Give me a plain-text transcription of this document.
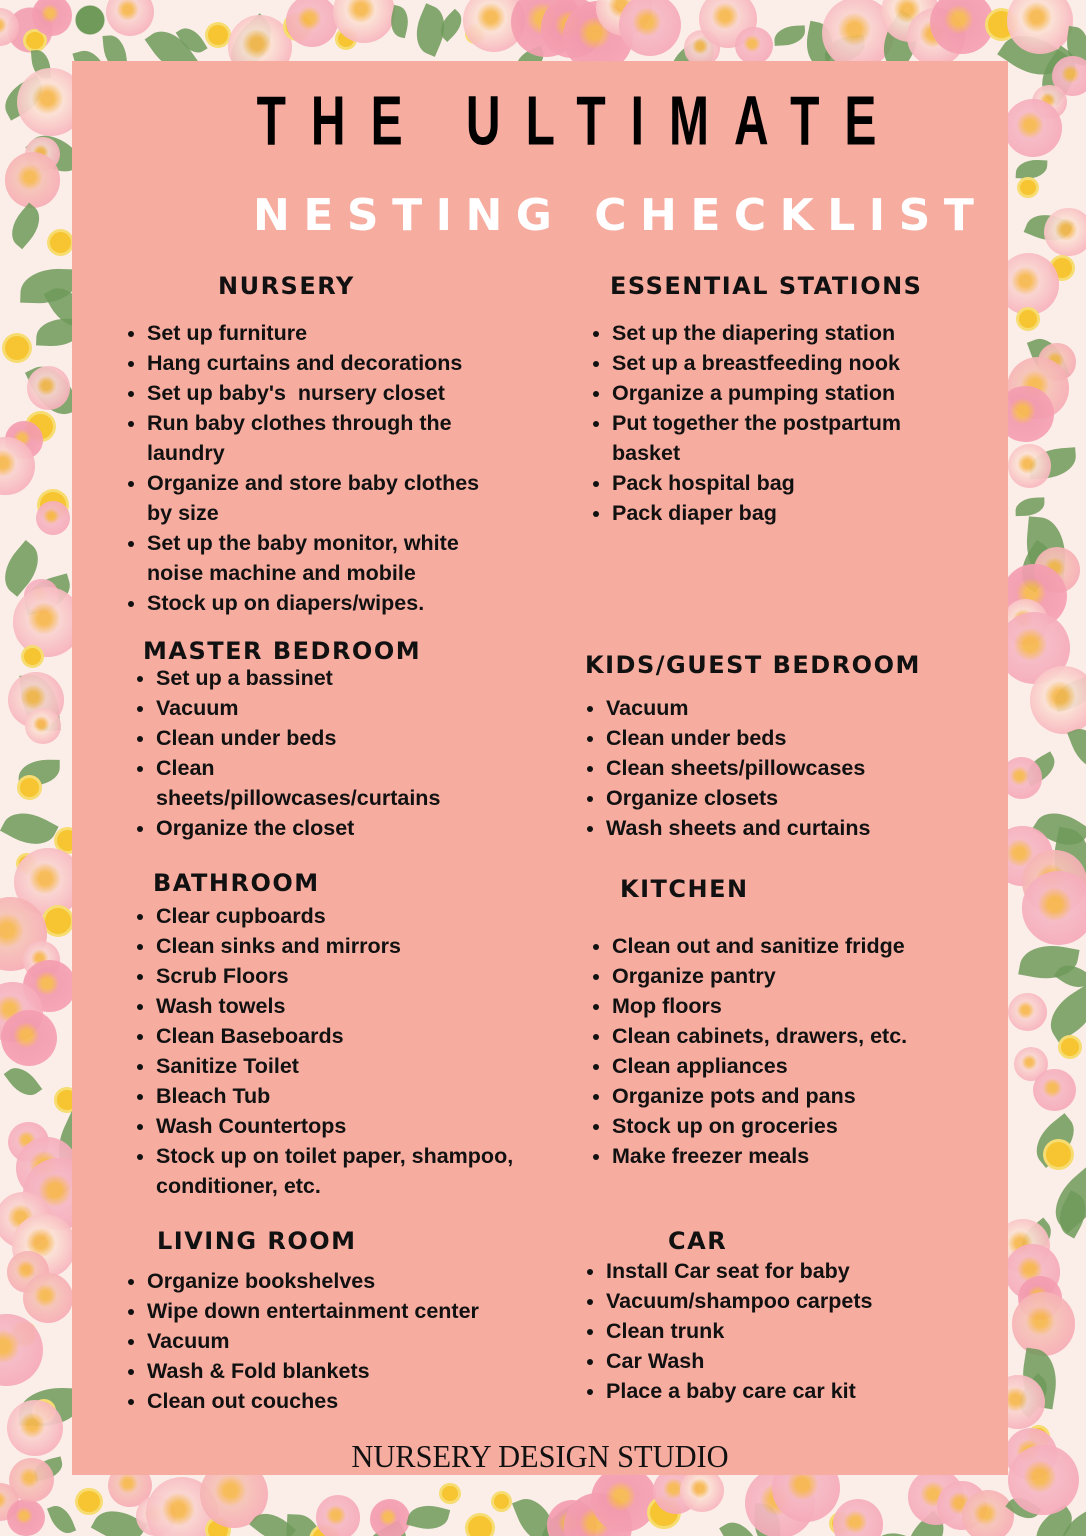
THE ULTIMATE
NESTING CHECKLIST
NURSERY
Set up furniture
Hang curtains and decorations
Set up baby's  nursery closet
Run baby clothes through the laundry
Organize and store baby clothes by size
Set up the baby monitor, white noise machine and mobile
Stock up on diapers/wipes.
ESSENTIAL STATIONS
Set up the diapering station
Set up a breastfeeding nook
Organize a pumping station
Put together the postpartum basket
Pack hospital bag
Pack diaper bag
MASTER BEDROOM
Set up a bassinet
Vacuum
Clean under beds
Clean sheets/pillowcases/curtains
Organize the closet
KIDS/GUEST BEDROOM
Vacuum
Clean under beds
Clean sheets/pillowcases
Organize closets
Wash sheets and curtains
BATHROOM
Clear cupboards
Clean sinks and mirrors
Scrub Floors
Wash towels
Clean Baseboards
Sanitize Toilet
Bleach Tub
Wash Countertops
Stock up on toilet paper, shampoo, conditioner, etc.
KITCHEN
Clean out and sanitize fridge
Organize pantry
Mop floors
Clean cabinets, drawers, etc.
Clean appliances
Organize pots and pans
Stock up on groceries
Make freezer meals
LIVING ROOM
Organize bookshelves
Wipe down entertainment center
Vacuum
Wash & Fold blankets
Clean out couches
CAR
Install Car seat for baby
Vacuum/shampoo carpets
Clean trunk
Car Wash
Place a baby care car kit
NURSERY DESIGN STUDIO
